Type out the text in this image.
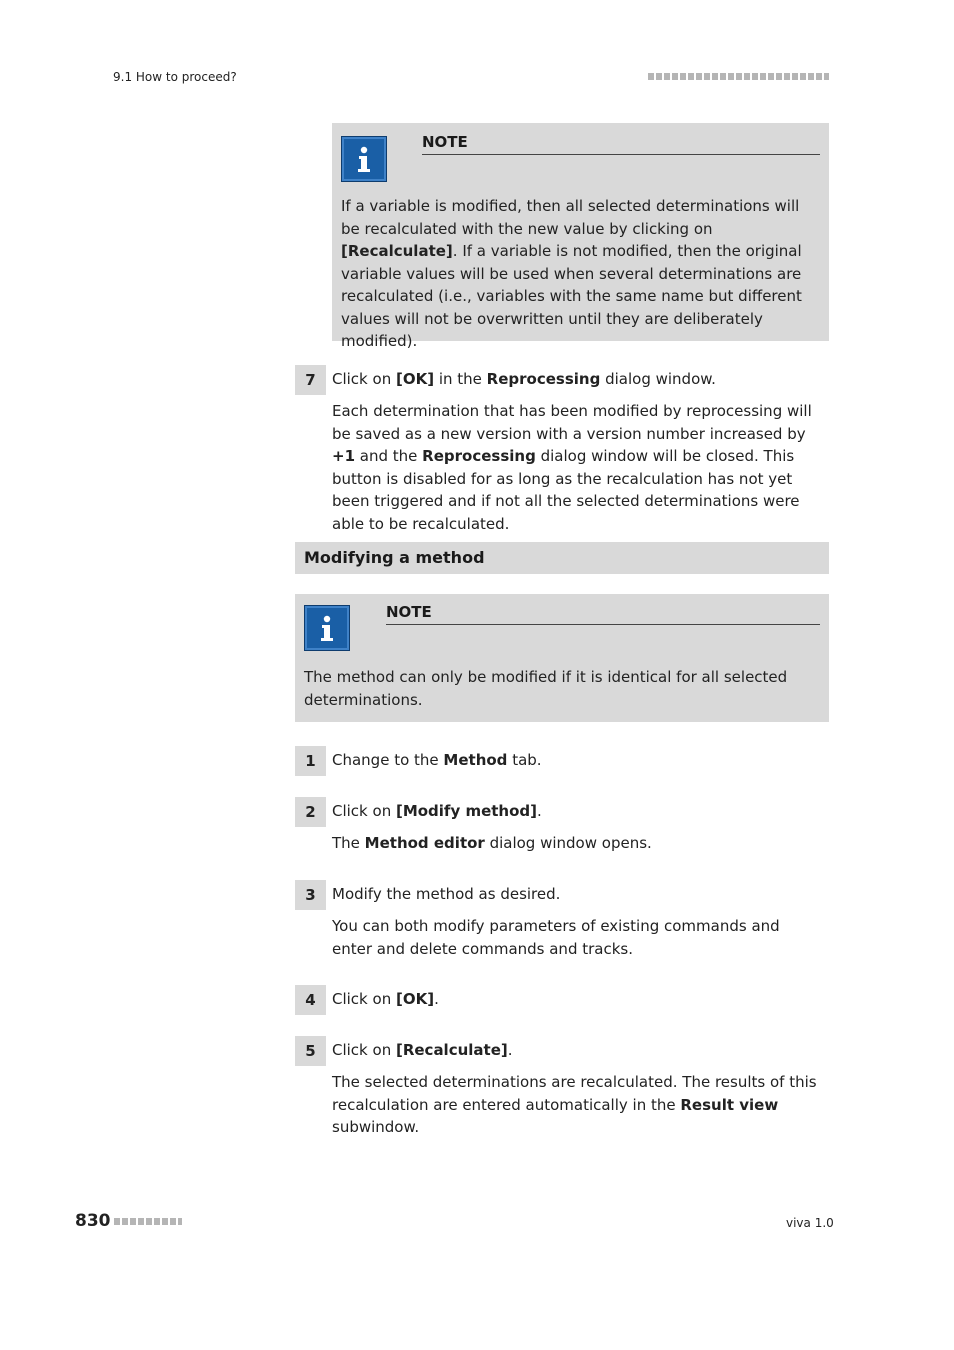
9.1 How to proceed?
NOTE
If a variable is modified, then all selected determinations will be recalculated with the new value by clicking on [Recalculate]. If a variable is not modified, then the original variable values will be used when several determinations are recalculated (i.e., variables with the same name but different values will not be overwritten until they are deliberately modified).
7	Click on [OK] in the Reprocessing dialog window.
Each determination that has been modified by reprocessing will be saved as a new version with a version number increased by +1 and the Reprocessing dialog window will be closed. This button is disabled for as long as the recalculation has not yet been triggered and if not all the selected determinations were able to be recalculated.
Modifying a method
NOTE
The method can only be modified if it is identical for all selected determinations.
1	Change to the Method tab.
2	Click on [Modify method].
The Method editor dialog window opens.
3	Modify the method as desired.
You can both modify parameters of existing commands and enter and delete commands and tracks.
4	Click on [OK].
5	Click on [Recalculate].
The selected determinations are recalculated. The results of this recalculation are entered automatically in the Result view subwindow.
830	viva 1.0
